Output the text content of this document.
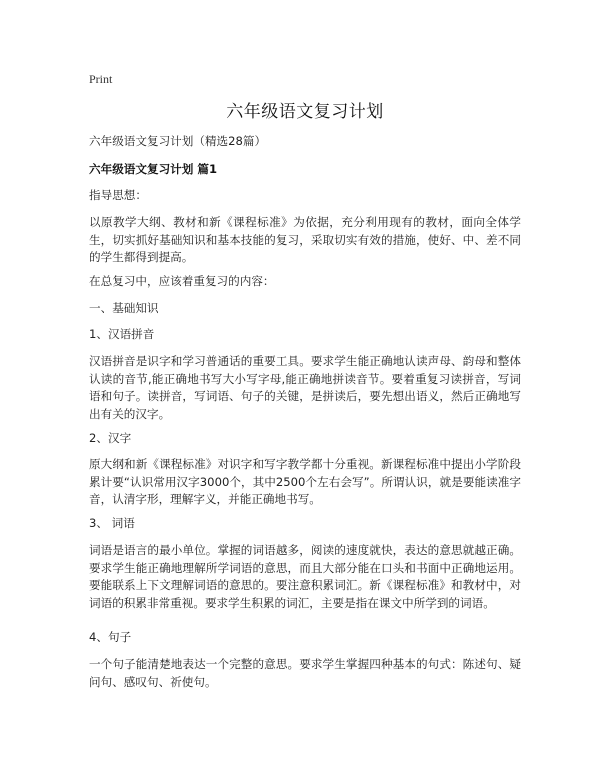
Print
六年级语文复习计划

六年级语文复习计划（精选28篇）

六年级语文复习计划 篇1

指导思想：

以原教学大纲、教材和新《课程标准》为依据，充分利用现有的教材，面向全体学生，切实抓好基础知识和基本技能的复习，采取切实有效的措施，使好、中、差不同的学生都得到提高。

在总复习中，应该着重复习的内容：

一、基础知识

1、汉语拼音

汉语拼音是识字和学习普通话的重要工具。要求学生能正确地认读声母、韵母和整体认读的音节,能正确地书写大小写字母,能正确地拼读音节。要着重复习读拼音，写词语和句子。读拼音，写词语、句子的关键，是拼读后，要先想出语义，然后正确地写出有关的汉字。

2、汉字

原大纲和新《课程标准》对识字和写字教学都十分重视。新课程标准中提出小学阶段累计要“认识常用汉字3000个，其中2500个左右会写”。所谓认识，就是要能读准字音，认清字形，理解字义，并能正确地书写。

3、 词语

词语是语言的最小单位。掌握的词语越多，阅读的速度就快，表达的意思就越正确。要求学生能正确地理解所学词语的意思，而且大部分能在口头和书面中正确地运用。要能联系上下文理解词语的意思的。要注意积累词汇。新《课程标准》和教材中，对词语的积累非常重视。要求学生积累的词汇，主要是指在课文中所学到的词语。

4、句子

一个句子能清楚地表达一个完整的意思。要求学生掌握四种基本的句式：陈述句、疑问句、感叹句、祈使句。
